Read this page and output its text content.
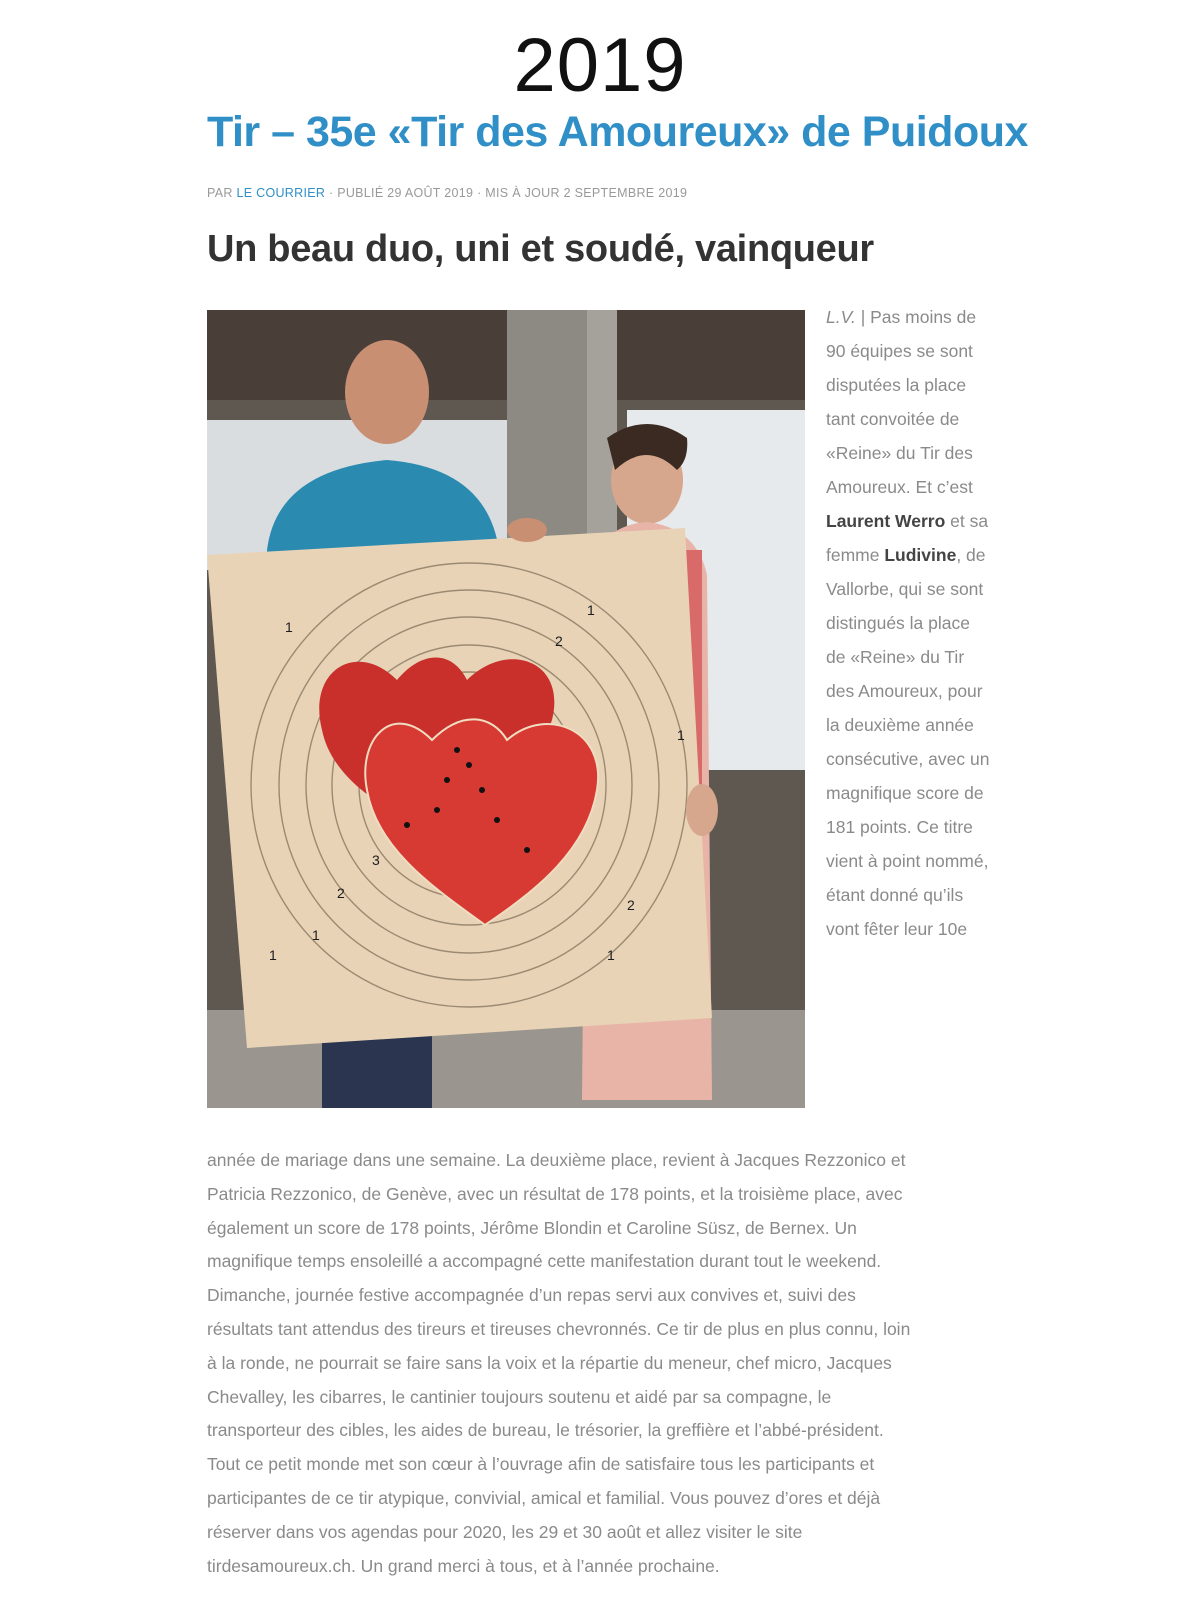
2019
Tir – 35e «Tir des Amoureux» de Puidoux
PAR LE COURRIER · PUBLIÉ 29 AOÛT 2019 · MIS À JOUR 2 SEPTEMBRE 2019
Un beau duo, uni et soudé, vainqueur
1
2
1
2
1
1
2
3
1	1
L.V. | Pas moins de 90 équipes se sont disputées la place tant convoitée de «Reine» du Tir des Amoureux. Et c’est Laurent Werro et sa femme Ludivine, de Vallorbe, qui se sont distingués la place de «Reine» du Tir des Amoureux, pour la deuxième année consécutive, avec un magnifique score de 181 points. Ce titre vient à point nommé, étant donné qu’ils vont fêter leur 10e
année de mariage dans une semaine. La deuxième place, revient à Jacques Rezzonico et
Patricia Rezzonico, de Genève, avec un résultat de 178 points, et la troisième place, avec
également un score de 178 points, Jérôme Blondin et Caroline Süsz, de Bernex. Un
magnifique temps ensoleillé a accompagné cette manifestation durant tout le weekend.
Dimanche, journée festive accompagnée d’un repas servi aux convives et, suivi des
résultats tant attendus des tireurs et tireuses chevronnés. Ce tir de plus en plus connu, loin
à la ronde, ne pourrait se faire sans la voix et la répartie du meneur, chef micro, Jacques
Chevalley, les cibarres, le cantinier toujours soutenu et aidé par sa compagne, le
transporteur des cibles, les aides de bureau, le trésorier, la greffière et l’abbé-président.
Tout ce petit monde met son cœur à l’ouvrage afin de satisfaire tous les participants et
participantes de ce tir atypique, convivial, amical et familial. Vous pouvez d’ores et déjà
réserver dans vos agendas pour 2020, les 29 et 30 août et allez visiter le site
tirdesamoureux.ch. Un grand merci à tous, et à l’année prochaine.
